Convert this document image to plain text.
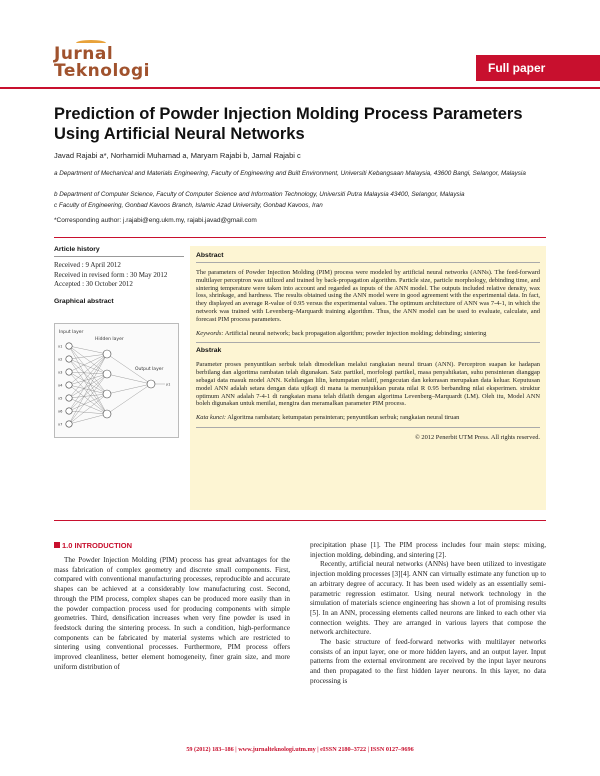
Jurnal
Teknologi	Full paper
Prediction of Powder Injection Molding Process Parameters Using Artificial Neural Networks
Javad Rajabi a*, Norhamidi Muhamad a, Maryam Rajabi b, Jamal Rajabi c
a Department of Mechanical and Materials Engineering, Faculty of Engineering and Built Environment, Universiti Kebangsaan Malaysia, 43600 Bangi, Selangor, Malaysia
b Department of Computer Science, Faculty of Computer Science and Information Technology, Universiti Putra Malaysia 43400, Selangor, Malaysia
c Faculty of Engineering, Gonbad Kavoos Branch, Islamic Azad University, Gonbad Kavoos, Iran
*Corresponding author: j.rajabi@eng.ukm.my, rajabi.javad@gmail.com
Article history
Received : 9 April 2012
Received in revised form : 30 May 2012
Accepted : 30 October 2012
Graphical abstract
Input layer
Hidden layer
Output layer
x1
x2
x3
x4
x5
x6
x7
y1
Abstract
The parameters of Powder Injection Molding (PIM) process were modeled by artificial neural networks (ANNs). The feed-forward multilayer perceptron was utilized and trained by back-propagation algorithm. Particle size, particle morphology, debinding time, and sintering temperature were taken into account and regarded as inputs of the ANN model. The outputs included relative density, wax loss, shrinkage, and hardness. The results obtained using the ANN model were in good agreement with the experimental data. In fact, they displayed an average R-value of 0.95 versus the experimental values. The optimum architecture of ANN was 7-4-1, in which the network was trained with Levenberg–Marquardt training algorithm. Thus, the ANN model can be used to evaluate, calculate, and forecast PIM process parameters.
Keywords: Artificial neural network; back propagation algorithm; powder injection molding; debinding; sintering
Abstrak
Parameter proses penyuntikan serbuk telah dimodelkan melalui rangkaian neural tiruan (ANN). Perceptron suapan ke hadapan berbilang dan algoritma rambatan telah digunakan. Saiz partikel, morfologi partikel, masa penyahikatan, suhu pensinteran dianggap sebagai data masuk model ANN. Kehilangan lilin, ketumpatan relatif, pengecutan dan kekerasan merupakan data keluar. Keputusan model ANN adalah setara dengan data ujikaji di mana ia menunjukkan purata nilai R 0.95 berbanding nilai eksperimen. struktur optimum ANN adalah 7-4-1 di rangkaian mana telah dilatih dengan algoritma Levenberg–Marquardt (LM). Oleh itu, Model ANN boleh digunakan untuk menilai, mengira dan meramalkan parameter PIM process.
Kata kunci: Algoritma rambatan; ketumpatan pensinteran; penyuntikan serbuk; rangkaian neural tiruan
© 2012 Penerbit UTM Press. All rights reserved.
1.0 INTRODUCTION

The Powder Injection Molding (PIM) process has great advantages for the mass fabrication of complex geometry and discrete small components. First, compared with conventional manufacturing processes, reproducible and accurate shapes can be achieved at a considerably low manufacturing cost. Second, through the PIM process, complex shapes can be produced more easily than in the powder compaction process used for producing components with simple geometries. Third, densification increases when very fine powder is used in feedstock during the sintering process. In such a condition, high-performance components can be fabricated by material systems which are restricted to sintering using conventional processes. Furthermore, PIM process offers improved cleanliness, better element homogeneity, finer grain size, and more uniform distribution of

precipitation phase [1]. The PIM process includes four main steps: mixing, injection molding, debinding, and sintering [2].

Recently, artificial neural networks (ANNs) have been utilized to investigate injection molding processes [3][4]. ANN can virtually estimate any function up to an arbitrary degree of accuracy. It has been used widely as an essentially semi-parametric regression estimator. Using neural network technology in the simulation of materials science engineering has shown a lot of promising results [5]. In an ANN, processing elements called neurons are linked to each other via connection weights. They are arranged in various layers that compose the network architecture.

The basic structure of feed-forward networks with multilayer networks consists of an input layer, one or more hidden layers, and an output layer. Input patterns from the external environment are received by the input layer neurons and then propagated to the first hidden layer neurons. In this layer, no data processing is

59 (2012) 183–186 | www.jurnalteknologi.utm.my | eISSN 2180–3722 | ISSN 0127–9696
